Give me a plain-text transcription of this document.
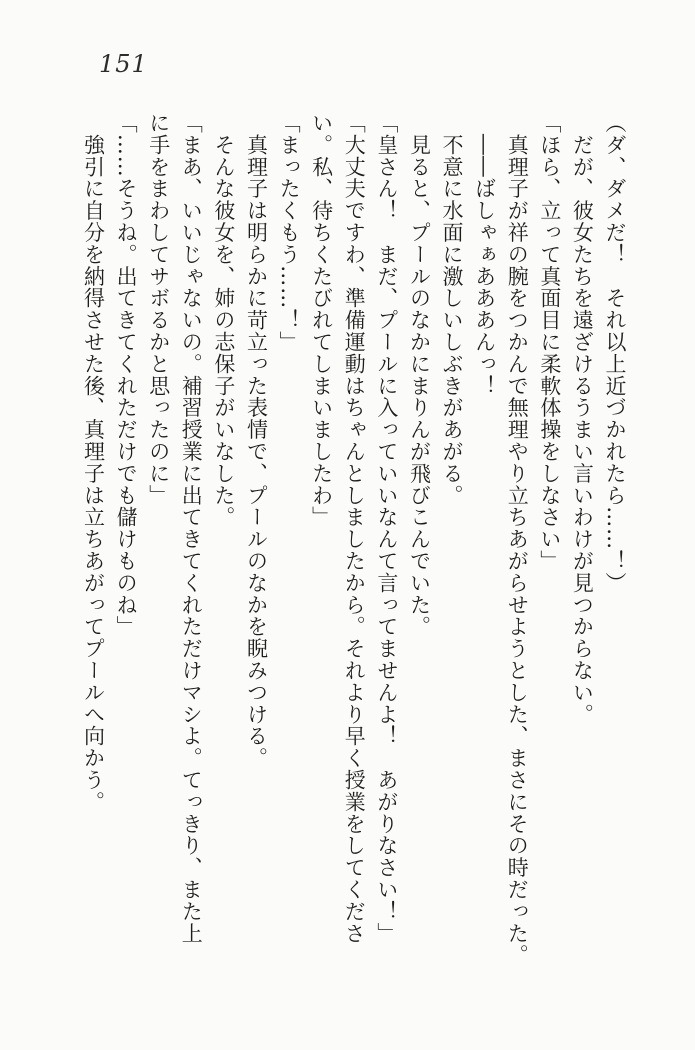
151
（ダ、ダメだ！　それ以上近づかれたら……！）
　だが、彼女たちを遠ざけるうまい言いわけが見つからない。
「ほら、立って真面目に柔軟体操をしなさい」
　真理子が祥の腕をつかんで無理やり立ちあがらせようとした、まさにその時だった。
　――ばしゃぁあああんっ！
　不意に水面に激しいしぶきがあがる。
　見ると、プールのなかにまりんが飛びこんでいた。
「皇さん！　まだ、プールに入っていいなんて言ってませんよ！　あがりなさい！」
「大丈夫ですわ、準備運動はちゃんとしましたから。それより早く授業をしてくださ
い。私、待ちくたびれてしまいましたわ」
「まったくもう……！」
　真理子は明らかに苛立った表情で、プールのなかを睨みつける。
　そんな彼女を、姉の志保子がいなした。
「まあ、いいじゃないの。補習授業に出てきてくれただけマシよ。てっきり、また上
に手をまわしてサボるかと思ったのに」
「……そうね。出てきてくれただけでも儲けものね」
　強引に自分を納得させた後、真理子は立ちあがってプールへ向かう。
